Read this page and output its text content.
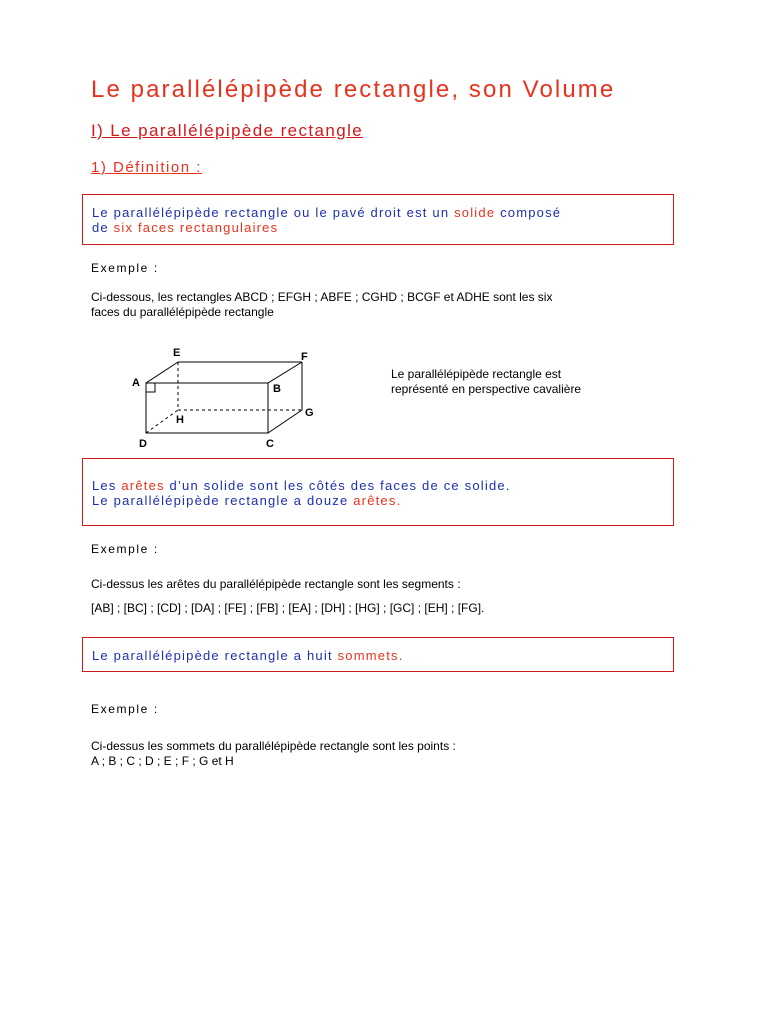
Le parallélépipède rectangle, son Volume
I) Le parallélépipède rectangle
1) Définition :
Le parallélépipède rectangle ou le pavé droit est un solide composé
de six faces rectangulaires
Exemple :
Ci-dessous, les rectangles ABCD ; EFGH ; ABFE ; CGHD ; BCGF et ADHE sont les six
faces du parallélépipède rectangle
E	F
A	B
G
H
D	C
Le parallélépipède rectangle est
représenté en perspective cavalière
Les arêtes d’un solide sont les côtés des faces de ce solide.
Le parallélépipède rectangle a douze arêtes.
Exemple :
Ci-dessus les arêtes du parallélépipède rectangle sont les segments :
[AB] ; [BC] ; [CD] ; [DA] ; [FE] ; [FB] ; [EA] ; [DH] ; [HG] ; [GC] ; [EH] ; [FG].
Le parallélépipède rectangle a huit sommets.
Exemple :
Ci-dessus les sommets du parallélépipède rectangle sont les points :
A ; B ; C ; D ; E ; F ; G et H
